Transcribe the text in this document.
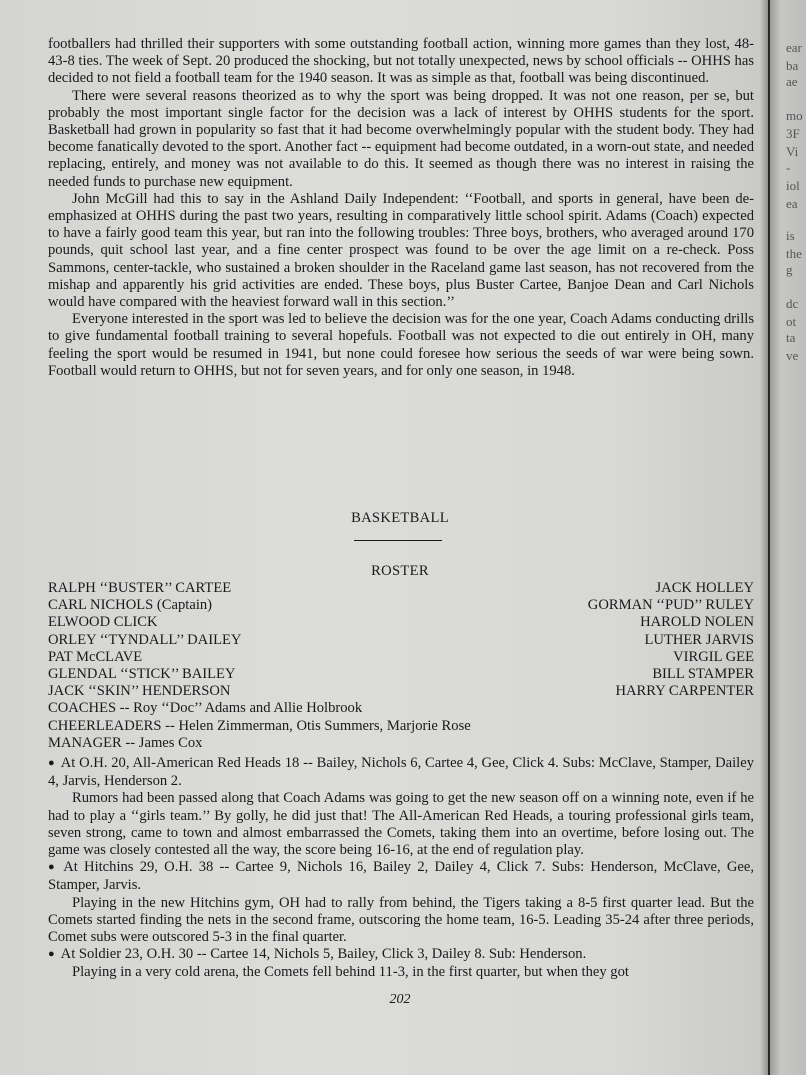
footballers had thrilled their supporters with some outstanding football action, winning more games than they lost, 48-43-8 ties. The week of Sept. 20 produced the shocking, but not totally unexpected, news by school officials -- OHHS has decided to not field a football team for the 1940 season. It was as simple as that, football was being discontinued.

There were several reasons theorized as to why the sport was being dropped. It was not one reason, per se, but probably the most important single factor for the decision was a lack of interest by OHHS students for the sport. Basketball had grown in popularity so fast that it had become overwhelmingly popular with the student body. They had become fanatically devoted to the sport. Another fact -- equipment had become outdated, in a worn-out state, and needed replacing, entirely, and money was not available to do this. It seemed as though there was no interest in raising the needed funds to purchase new equipment.

John McGill had this to say in the Ashland Daily Independent: ‘‘Football, and sports in general, have been de-emphasized at OHHS during the past two years, resulting in comparatively little school spirit. Adams (Coach) expected to have a fairly good team this year, but ran into the following troubles: Three boys, brothers, who averaged around 170 pounds, quit school last year, and a fine center prospect was found to be over the age limit on a re-check. Poss Sammons, center-tackle, who sustained a broken shoulder in the Raceland game last season, has not recovered from the mishap and apparently his grid activities are ended. These boys, plus Buster Cartee, Banjoe Dean and Carl Nichols would have compared with the heaviest forward wall in this section.’’

Everyone interested in the sport was led to believe the decision was for the one year, Coach Adams conducting drills to give fundamental football training to several hopefuls. Football was not expected to die out entirely in OH, many feeling the sport would be resumed in 1941, but none could foresee how serious the seeds of war were being sown. Football would return to OHHS, but not for seven years, and for only one season, in 1948.

BASKETBALL
ROSTER
RALPH ‘‘BUSTER’’ CARTEE	JACK HOLLEY
CARL NICHOLS (Captain)	GORMAN ‘‘PUD’’ RULEY
ELWOOD CLICK	HAROLD NOLEN
ORLEY ‘‘TYNDALL’’ DAILEY	LUTHER JARVIS
PAT McCLAVE	VIRGIL GEE
GLENDAL ‘‘STICK’’ BAILEY	BILL STAMPER
JACK ‘‘SKIN’’ HENDERSON	HARRY CARPENTER
COACHES -- Roy ‘‘Doc’’ Adams and Allie Holbrook
CHEERLEADERS -- Helen Zimmerman, Otis Summers, Marjorie Rose
MANAGER -- James Cox

● At O.H. 20, All-American Red Heads 18 -- Bailey, Nichols 6, Cartee 4, Gee, Click 4. Subs: McClave, Stamper, Dailey 4, Jarvis, Henderson 2.

Rumors had been passed along that Coach Adams was going to get the new season off on a winning note, even if he had to play a ‘‘girls team.’’ By golly, he did just that! The All-American Red Heads, a touring professional girls team, seven strong, came to town and almost embarrassed the Comets, taking them into an overtime, before losing out. The game was closely contested all the way, the score being 16-16, at the end of regulation play.

● At Hitchins 29, O.H. 38 -- Cartee 9, Nichols 16, Bailey 2, Dailey 4, Click 7. Subs: Henderson, McClave, Gee, Stamper, Jarvis.

Playing in the new Hitchins gym, OH had to rally from behind, the Tigers taking a 8-5 first quarter lead. But the Comets started finding the nets in the second frame, outscoring the home team, 16-5. Leading 35-24 after three periods, Comet subs were outscored 5-3 in the final quarter.

● At Soldier 23, O.H. 30 -- Cartee 14, Nichols 5, Bailey, Click 3, Dailey 8. Sub: Henderson.

Playing in a very cold arena, the Comets fell behind 11-3, in the first quarter, but when they got

202
ear
ba
ae
mo
3F
Vi
-
iol
ea
is
the
g
dc
ot
ta
ve
